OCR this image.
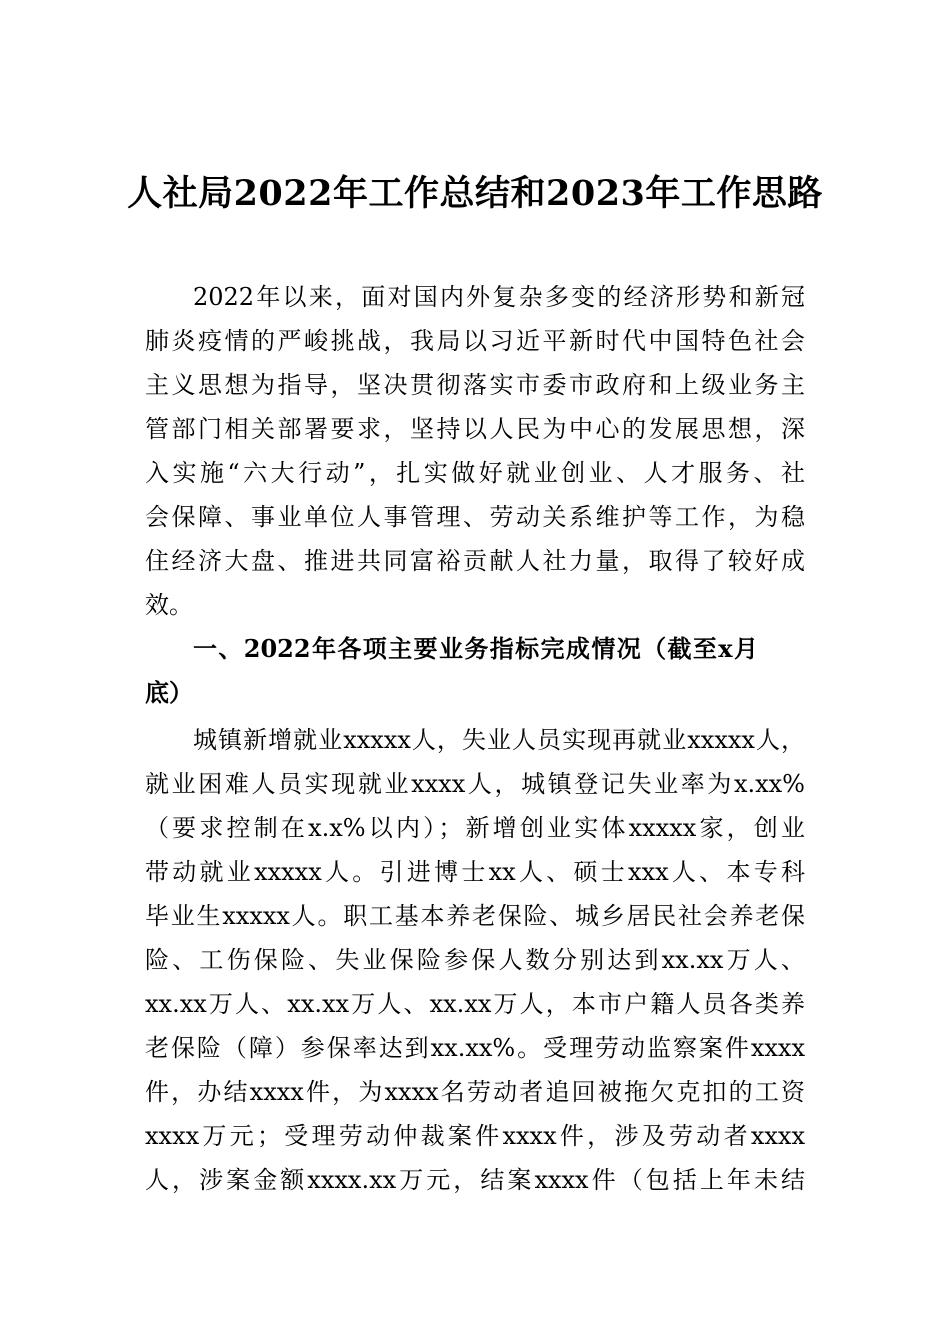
人社局2022年工作总结和2023年工作思路
2022年以来，面对国内外复杂多变的经济形势和新冠
肺炎疫情的严峻挑战，我局以习近平新时代中国特色社会
主义思想为指导，坚决贯彻落实市委市政府和上级业务主
管部门相关部署要求，坚持以人民为中心的发展思想，深
入实施“六大行动”，扎实做好就业创业、人才服务、社
会保障、事业单位人事管理、劳动关系维护等工作，为稳
住经济大盘、推进共同富裕贡献人社力量，取得了较好成
效。
一、2022年各项主要业务指标完成情况（截至x月
底）
城镇新增就业xxxxx人，失业人员实现再就业xxxxx人，
就业困难人员实现就业xxxx人，城镇登记失业率为x.xx%
（要求控制在x.x%以内）；新增创业实体xxxxx家，创业
带动就业xxxxx人。引进博士xx人、硕士xxx人、本专科
毕业生xxxxx人。职工基本养老保险、城乡居民社会养老保
险、工伤保险、失业保险参保人数分别达到xx.xx万人、
xx.xx万人、xx.xx万人、xx.xx万人，本市户籍人员各类养
老保险（障）参保率达到xx.xx%。受理劳动监察案件xxxx
件，办结xxxx件，为xxxx名劳动者追回被拖欠克扣的工资
xxxx万元；受理劳动仲裁案件xxxx件，涉及劳动者xxxx
人，涉案金额xxxx.xx万元，结案xxxx件（包括上年未结
